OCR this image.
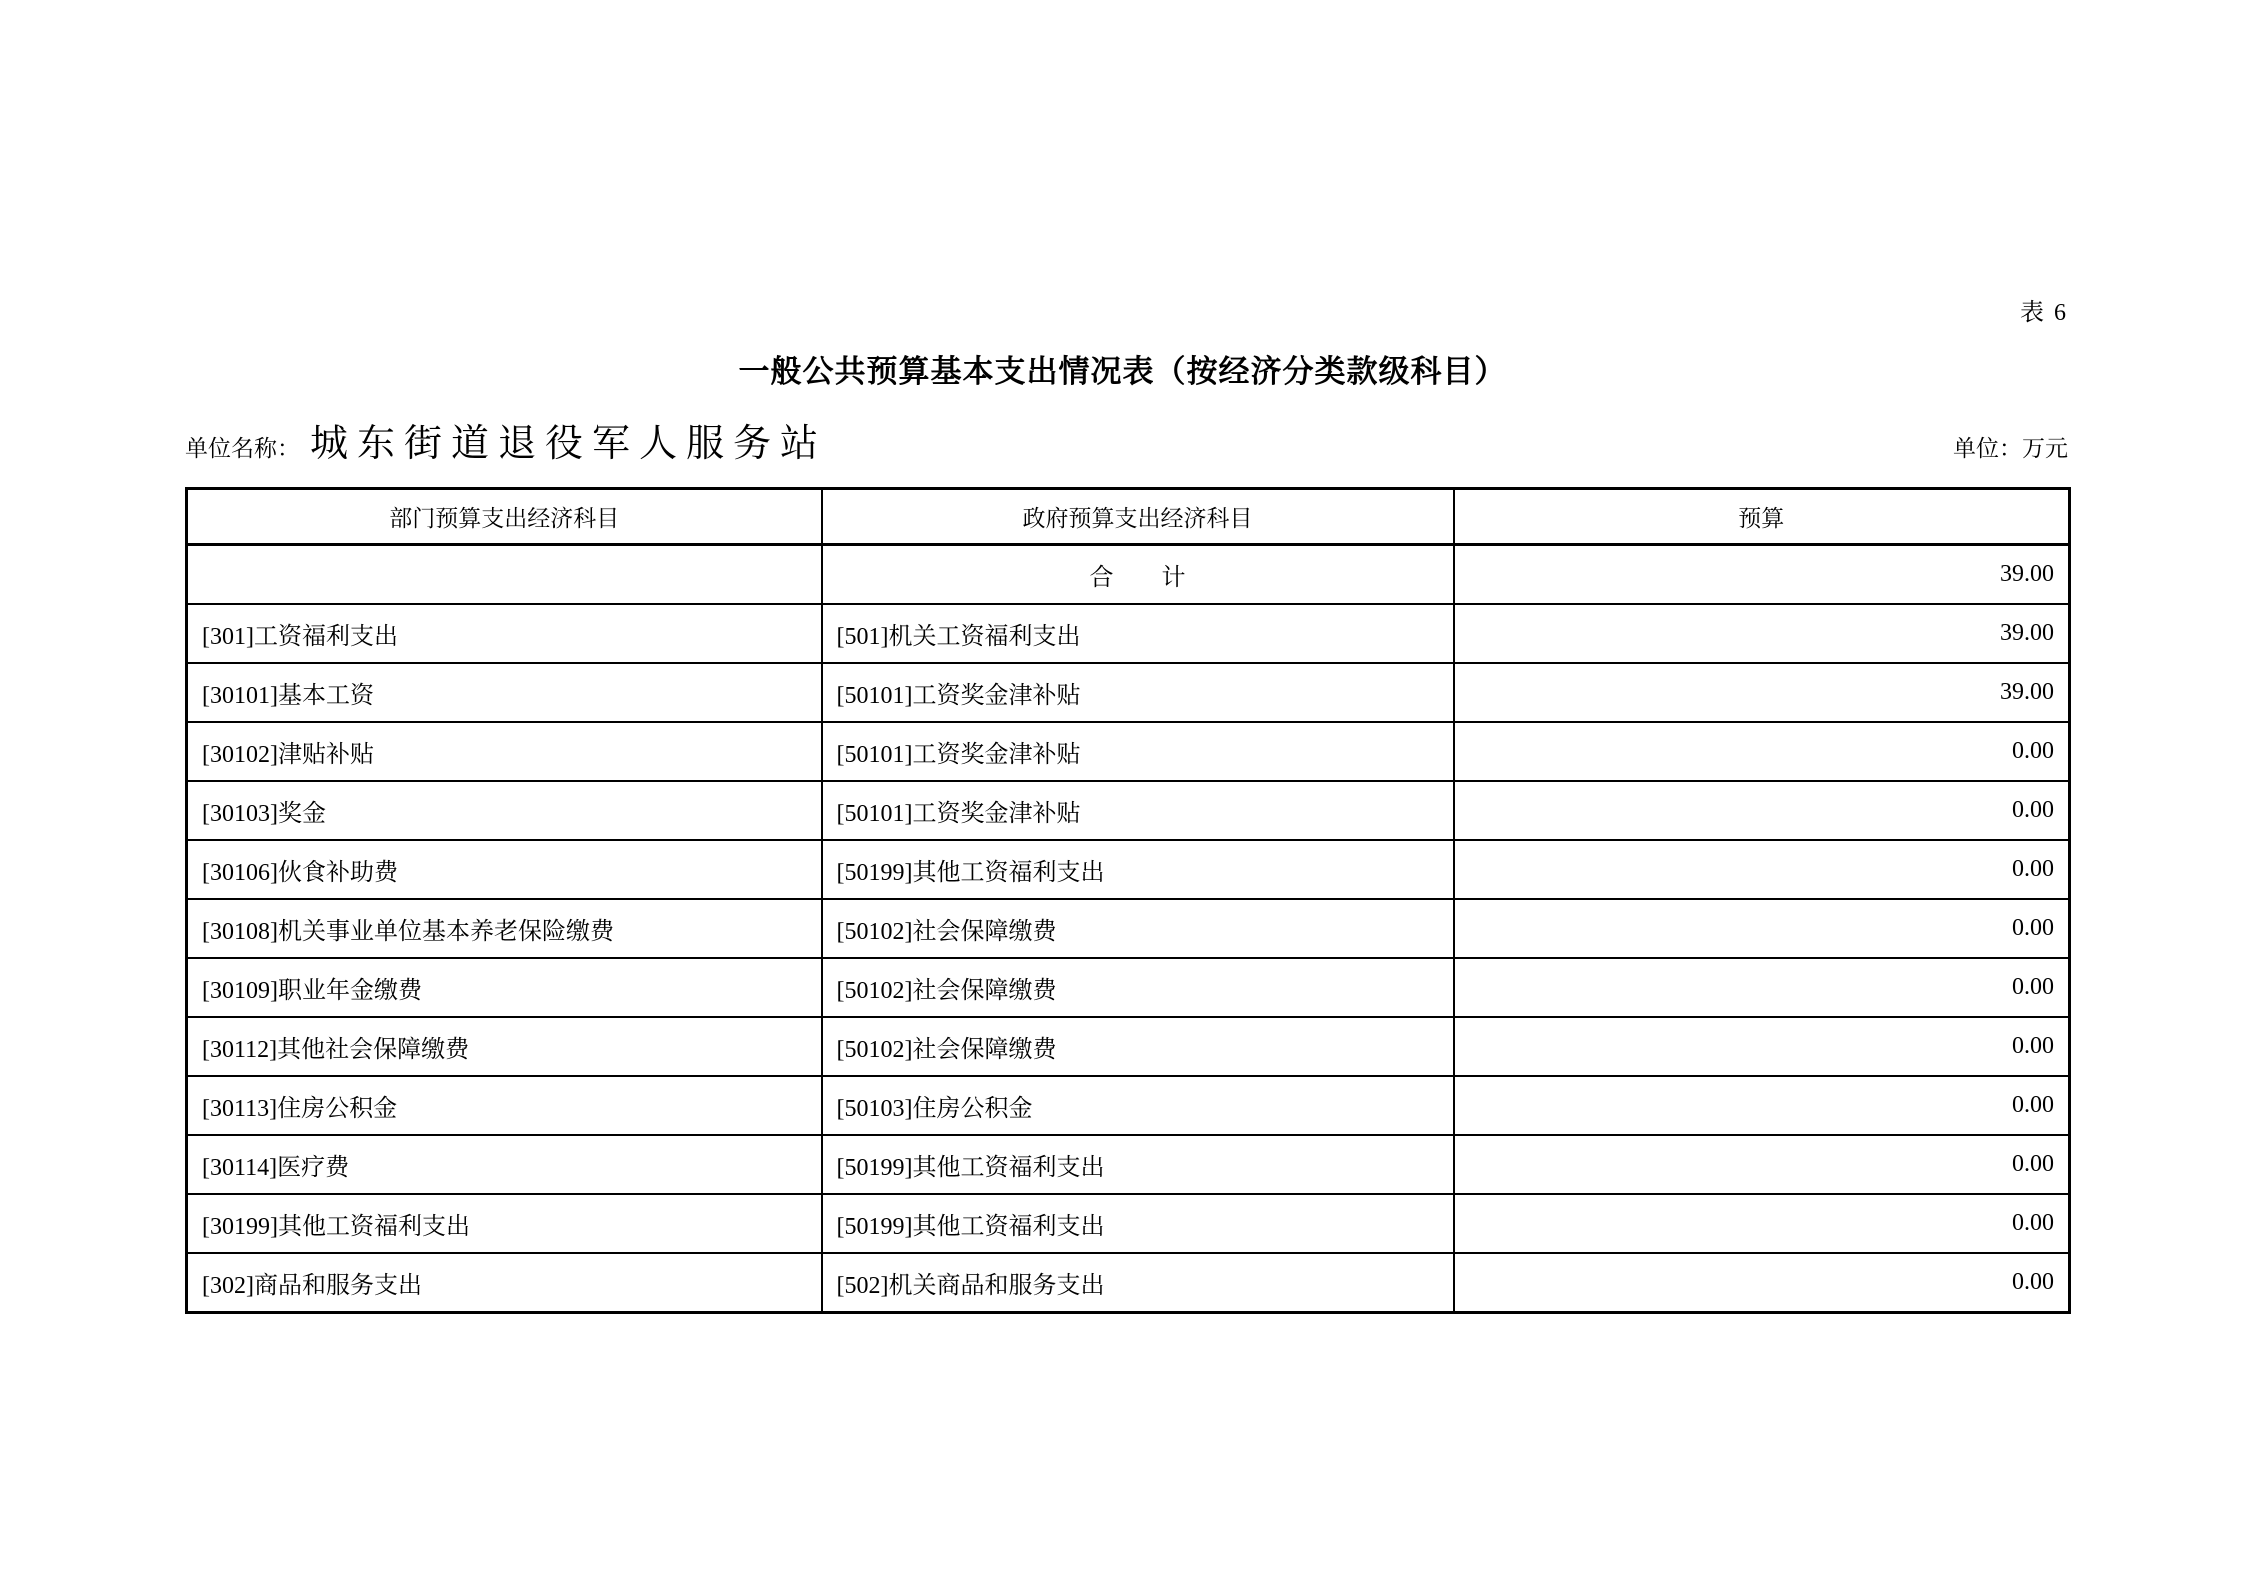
表 6
一般公共预算基本支出情况表（按经济分类款级科目）
单位名称： 城东街道退役军人服务站	单位：万元
部门预算支出经济科目	政府预算支出经济科目	预算
	合　　计	39.00
[301]工资福利支出	[501]机关工资福利支出	39.00
[30101]基本工资	[50101]工资奖金津补贴	39.00
[30102]津贴补贴	[50101]工资奖金津补贴	0.00
[30103]奖金	[50101]工资奖金津补贴	0.00
[30106]伙食补助费	[50199]其他工资福利支出	0.00
[30108]机关事业单位基本养老保险缴费	[50102]社会保障缴费	0.00
[30109]职业年金缴费	[50102]社会保障缴费	0.00
[30112]其他社会保障缴费	[50102]社会保障缴费	0.00
[30113]住房公积金	[50103]住房公积金	0.00
[30114]医疗费	[50199]其他工资福利支出	0.00
[30199]其他工资福利支出	[50199]其他工资福利支出	0.00
[302]商品和服务支出	[502]机关商品和服务支出	0.00
